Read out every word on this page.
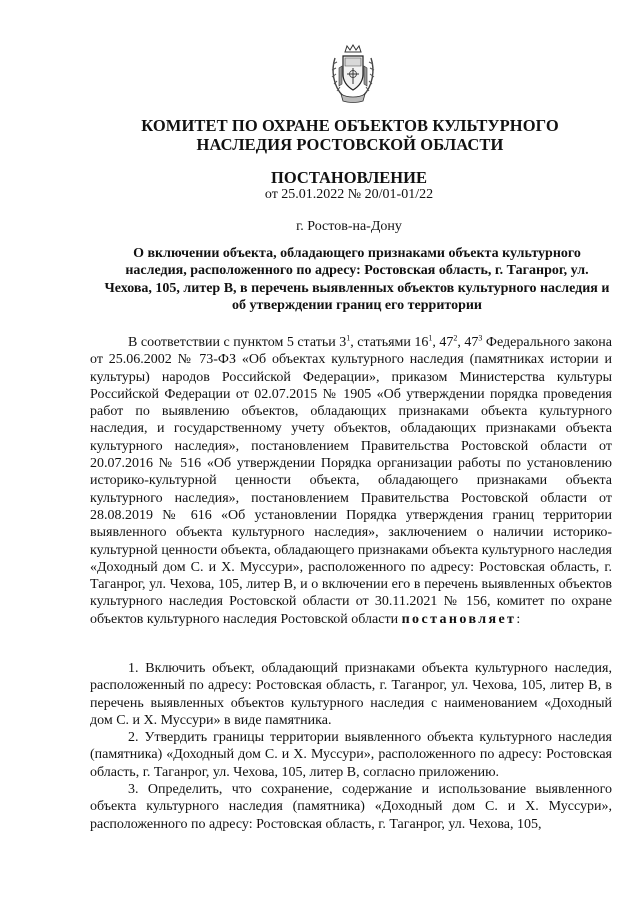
КОМИТЕТ ПО ОХРАНЕ ОБЪЕКТОВ КУЛЬТУРНОГО НАСЛЕДИЯ РОСТОВСКОЙ ОБЛАСТИ
ПОСТАНОВЛЕНИЕ
от 25.01.2022 № 20/01-01/22
г. Ростов-на-Дону
О включении объекта, обладающего признаками объекта культурного наследия, расположенного по адресу: Ростовская область, г. Таганрог, ул. Чехова, 105, литер В, в перечень выявленных объектов культурного наследия и об утверждении границ его территории

В соответствии с пунктом 5 статьи $3^1$, статьями $16^1$, $47^2$, $47^3$ Федерального закона от 25.06.2002 № 73-ФЗ «Об объектах культурного наследия (памятниках истории и культуры) народов Российской Федерации», приказом Министерства культуры Российской Федерации от 02.07.2015 № 1905 «Об утверждении порядка проведения работ по выявлению объектов, обладающих признаками объекта культурного наследия, и государственному учету объектов, обладающих признаками объекта культурного наследия», постановлением Правительства Ростовской области от 20.07.2016 № 516 «Об утверждении Порядка организации работы по установлению историко-культурной ценности объекта, обладающего признаками объекта культурного наследия», постановлением Правительства Ростовской области от 28.08.2019 № 616 «Об установлении Порядка утверждения границ территории выявленного объекта культурного наследия», заключением о наличии историко-культурной ценности объекта, обладающего признаками объекта культурного наследия «Доходный дом С. и Х. Муссури», расположенного по адресу: Ростовская область, г. Таганрог, ул. Чехова, 105, литер В, и о включении его в перечень выявленных объектов культурного наследия Ростовской области от 30.11.2021 № 156, комитет по охране объектов культурного наследия Ростовской области постановляет:

1. Включить объект, обладающий признаками объекта культурного наследия, расположенный по адресу: Ростовская область, г. Таганрог, ул. Чехова, 105, литер В, в перечень выявленных объектов культурного наследия с наименованием «Доходный дом С. и Х. Муссури» в виде памятника.

2. Утвердить границы территории выявленного объекта культурного наследия (памятника) «Доходный дом С. и Х. Муссури», расположенного по адресу: Ростовская область, г. Таганрог, ул. Чехова, 105, литер В, согласно приложению.

3. Определить, что сохранение, содержание и использование выявленного объекта культурного наследия (памятника) «Доходный дом С. и Х. Муссури», расположенного по адресу: Ростовская область, г. Таганрог, ул. Чехова, 105,
